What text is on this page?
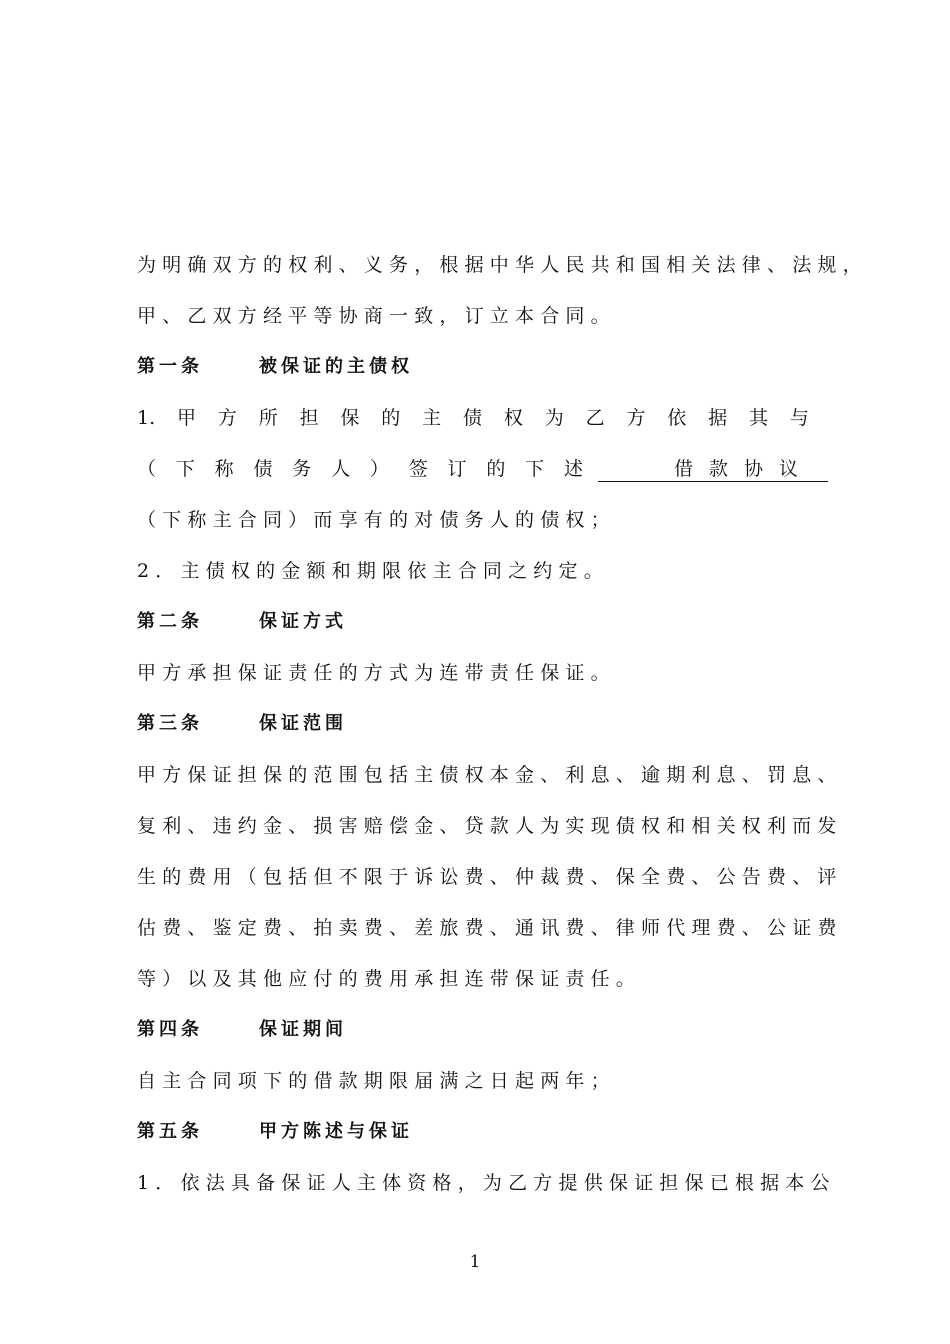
为明确双方的权利、义务，根据中华人民共和国相关法律、法规，
甲、乙双方经平等协商一致，订立本合同。
第一条	被保证的主债权
1. 甲 方 所 担 保 的 主 债 权 为 乙 方 依 据 其 与
（ 下 称 债 务 人 ） 签 订 的 下 述	借款协议
（下称主合同）而享有的对债务人的债权；
2．主债权的金额和期限依主合同之约定。
第二条	保证方式
甲方承担保证责任的方式为连带责任保证。
第三条	保证范围
甲方保证担保的范围包括主债权本金、利息、逾期利息、罚息、
复利、违约金、损害赔偿金、贷款人为实现债权和相关权利而发
生的费用（包括但不限于诉讼费、仲裁费、保全费、公告费、评
估费、鉴定费、拍卖费、差旅费、通讯费、律师代理费、公证费
等）以及其他应付的费用承担连带保证责任。
第四条	保证期间
自主合同项下的借款期限届满之日起两年；
第五条	甲方陈述与保证
1．依法具备保证人主体资格，为乙方提供保证担保已根据本公
1
